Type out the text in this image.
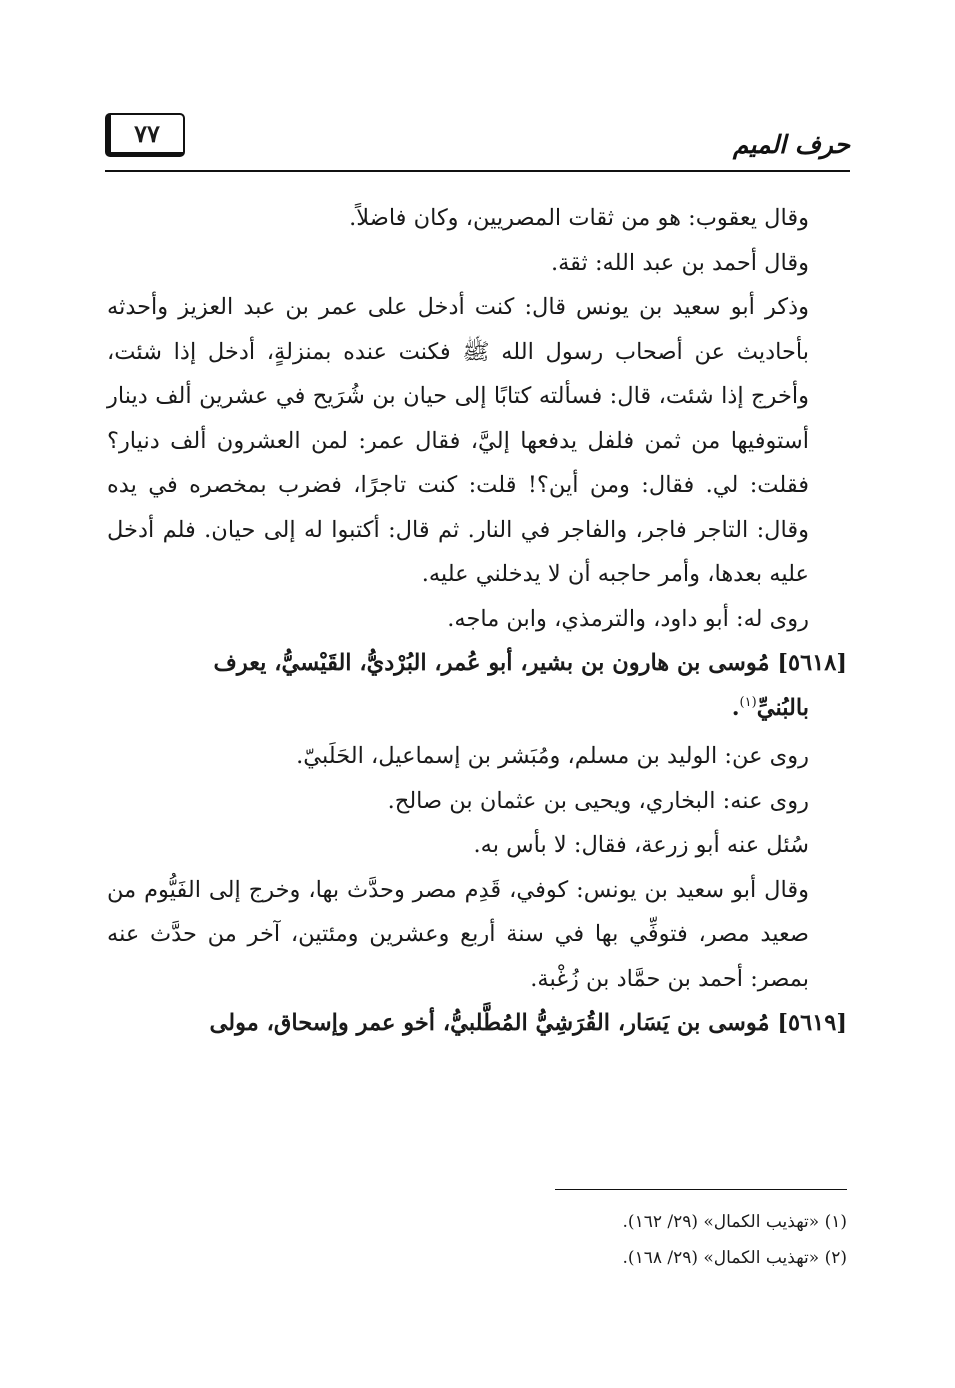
حرف الميم
٧٧

وقال يعقوب: هو من ثقات المصريين، وكان فاضلاً.

وقال أحمد بن عبد الله: ثقة.

وذكر أبو سعيد بن يونس قال: كنت أدخل على عمر بن عبد العزيز وأحدثه بأحاديث عن أصحاب رسول الله ﷺ فكنت عنده بمنزلةٍ، أدخل إذا شئت، وأخرج إذا شئت، قال: فسألته كتابًا إلى حيان بن شُرَيح في عشرين ألف دينار أستوفيها من ثمن فلفل يدفعها إليَّ، فقال عمر: لمن العشرون ألف دنيار؟ فقلت: لي. فقال: ومن أين؟! قلت: كنت تاجرًا، فضرب بمخصره في يده وقال: التاجر فاجر، والفاجر في النار. ثم قال: أكتبوا له إلى حيان. فلم أدخل عليه بعدها، وأمر حاجبه أن لا يدخلني عليه.

روى له: أبو داود، والترمذي، وابن ماجه.

[٥٦١٨] مُوسى بن هارون بن بشير، أبو عُمر، البُرْديُّ، القَيْسيُّ، يعرف

بالبُنيِّ$^{(١)}$.

روى عن: الوليد بن مسلم، ومُبَشر بن إسماعيل، الحَلَبيّ.

روى عنه: البخاري، ويحيى بن عثمان بن صالح.

سُئل عنه أبو زرعة، فقال: لا بأس به.

وقال أبو سعيد بن يونس: كوفي، قَدِم مصر وحدَّث بها، وخرج إلى الفَيُّوم من صعيد مصر، فتوفِّي بها في سنة أربع وعشرين ومئتين، آخر من حدَّث عنه بمصر: أحمد بن حمَّاد بن زُغْبة.

[٥٦١٩] مُوسى بن يَسَار، القُرَشِيُّ المُطَّلبيُّ، أخو عمر وإسحاق، مولى

(١) «تهذيب الكمال» (٢٩/ ١٦٢).

(٢) «تهذيب الكمال» (٢٩/ ١٦٨).
